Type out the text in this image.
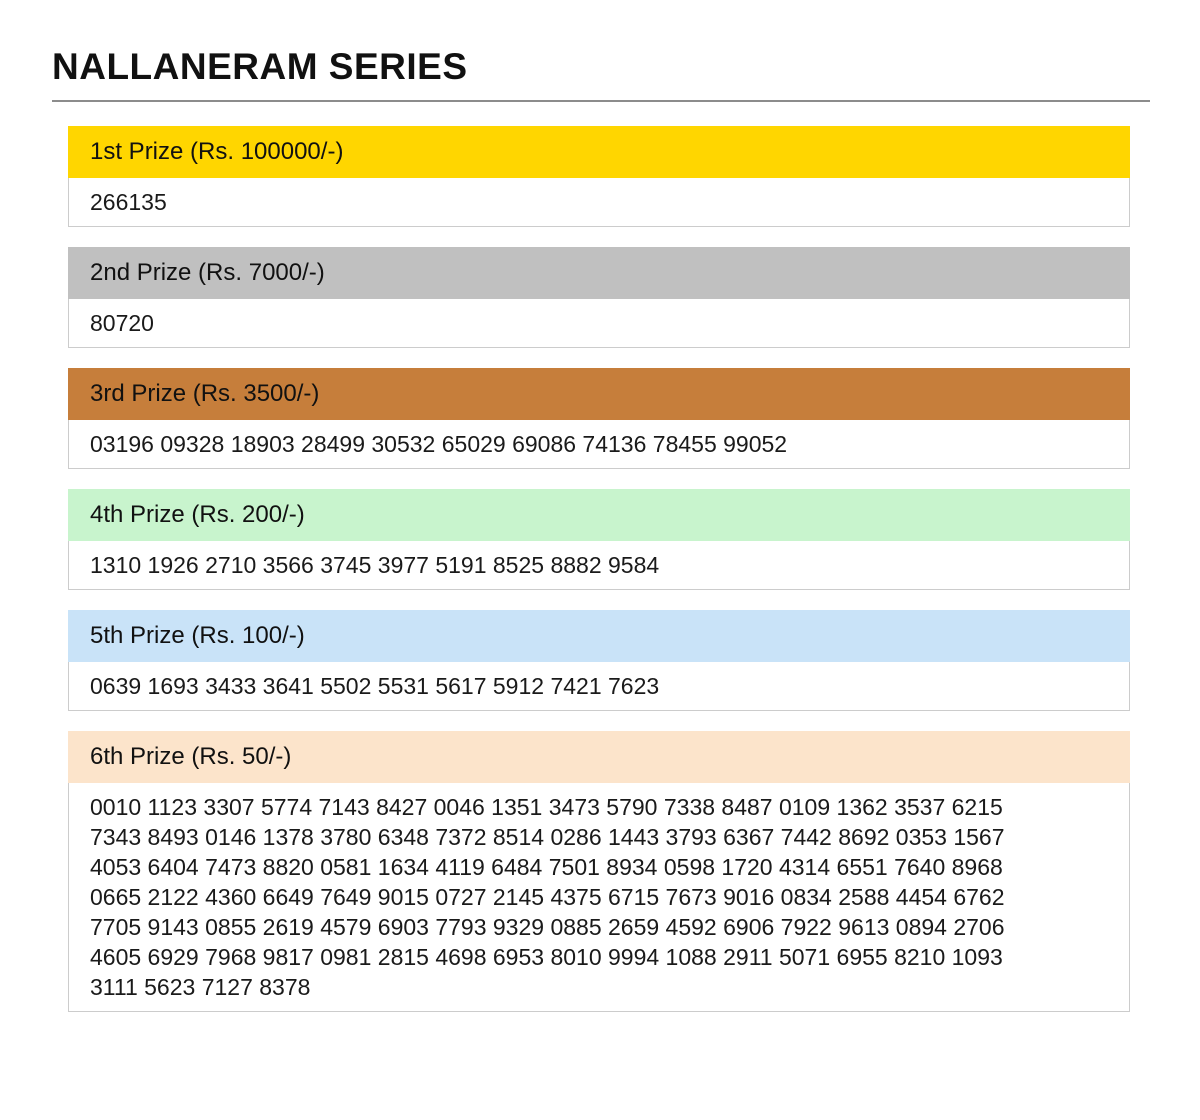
NALLANERAM SERIES
1st Prize (Rs. 100000/-)
266135
2nd Prize (Rs. 7000/-)
80720
3rd Prize (Rs. 3500/-)
03196 09328 18903 28499 30532 65029 69086 74136 78455 99052
4th Prize (Rs. 200/-)
1310 1926 2710 3566 3745 3977 5191 8525 8882 9584
5th Prize (Rs. 100/-)
0639 1693 3433 3641 5502 5531 5617 5912 7421 7623
6th Prize (Rs. 50/-)
0010 1123 3307 5774 7143 8427 0046 1351 3473 5790 7338 8487 0109 1362 3537 6215
7343 8493 0146 1378 3780 6348 7372 8514 0286 1443 3793 6367 7442 8692 0353 1567
4053 6404 7473 8820 0581 1634 4119 6484 7501 8934 0598 1720 4314 6551 7640 8968
0665 2122 4360 6649 7649 9015 0727 2145 4375 6715 7673 9016 0834 2588 4454 6762
7705 9143 0855 2619 4579 6903 7793 9329 0885 2659 4592 6906 7922 9613 0894 2706
4605 6929 7968 9817 0981 2815 4698 6953 8010 9994 1088 2911 5071 6955 8210 1093
3111 5623 7127 8378
